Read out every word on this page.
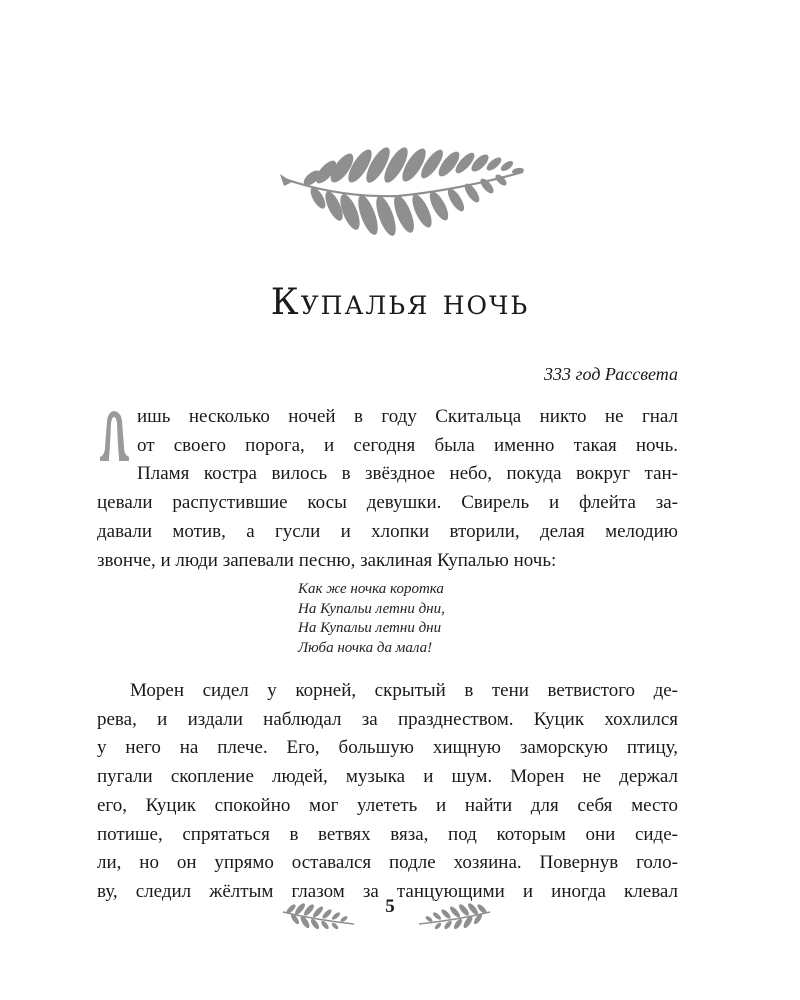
Купалья ночь
333 год Рассвета
ишь несколько ночей в году Скитальца никто не гнал
от своего порога, и сегодня была именно такая ночь.
Пламя костра вилось в звёздное небо, покуда вокруг тан-
цевали распустившие косы девушки. Свирель и флейта за-
давали мотив, а гусли и хлопки вторили, делая мелодию
звонче, и люди запевали песню, заклиная Купалью ночь:
Как же ночка коротка
На Купальи летни дни,
На Купальи летни дни
Люба ночка да мала!
Морен сидел у корней, скрытый в тени ветвистого де-
рева, и издали наблюдал за празднеством. Куцик хохлился
у него на плече. Его, большую хищную заморскую птицу,
пугали скопление людей, музыка и шум. Морен не держал
его, Куцик спокойно мог улететь и найти для себя место
потише, спрятаться в ветвях вяза, под которым они сиде-
ли, но он упрямо оставался подле хозяина. Повернув голо-
ву, следил жёлтым глазом за танцующими и иногда клевал
5
